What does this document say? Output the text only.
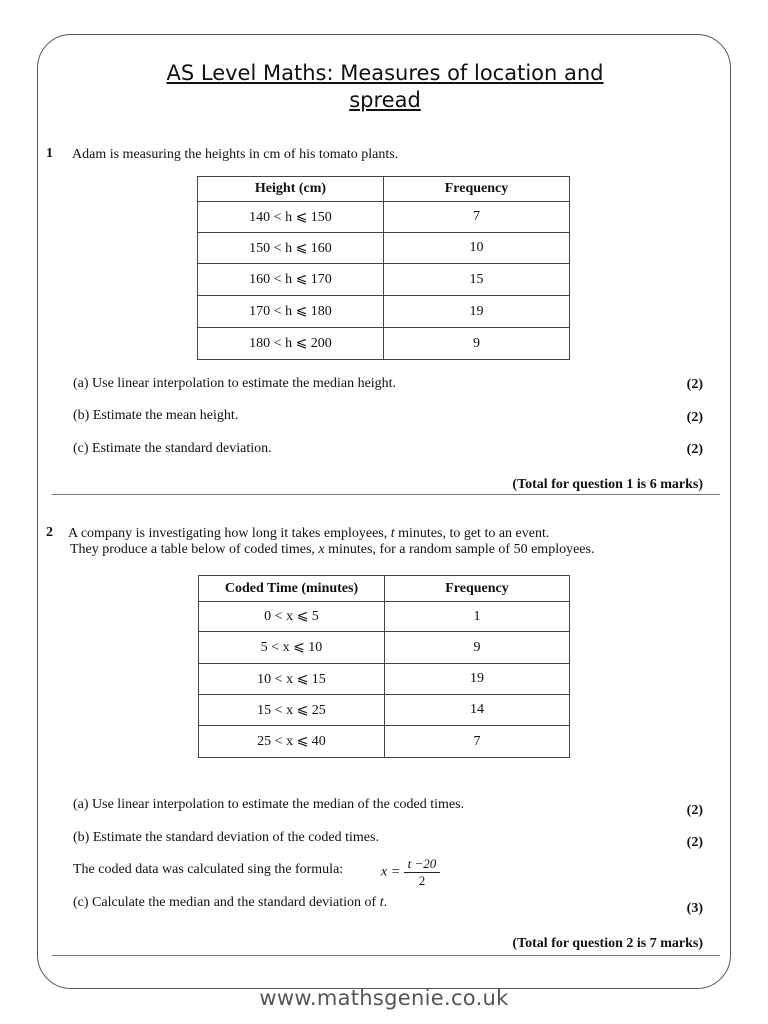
AS Level Maths: Measures of location and
spread
1 Adam is measuring the heights in cm of his tomato plants.
Height (cm)	Frequency
140 < h ⩽ 150	7
150 < h ⩽ 160	10
160 < h ⩽ 170	15
170 < h ⩽ 180	19
180 < h ⩽ 200	9
(a) Use linear interpolation to estimate the median height.	(2)
(b) Estimate the mean height.	(2)
(c) Estimate the standard deviation.	(2)
(Total for question 1 is 6 marks)
2 A company is investigating how long it takes employees, t minutes, to get to an event.
They produce a table below of coded times, x minutes, for a random sample of 50 employees.
Coded Time (minutes)	Frequency
0 < x ⩽ 5	1
5 < x ⩽ 10	9
10 < x ⩽ 15	19
15 < x ⩽ 25	14
25 < x ⩽ 40	7
(a) Use linear interpolation to estimate the median of the coded times.	(2)
(b) Estimate the standard deviation of the coded times.	(2)
The coded data was calculated sing the formula:	$x = \frac{t -20}{2}$
(c) Calculate the median and the standard deviation of t.	(3)
(Total for question 2 is 7 marks)
www.mathsgenie.co.uk
